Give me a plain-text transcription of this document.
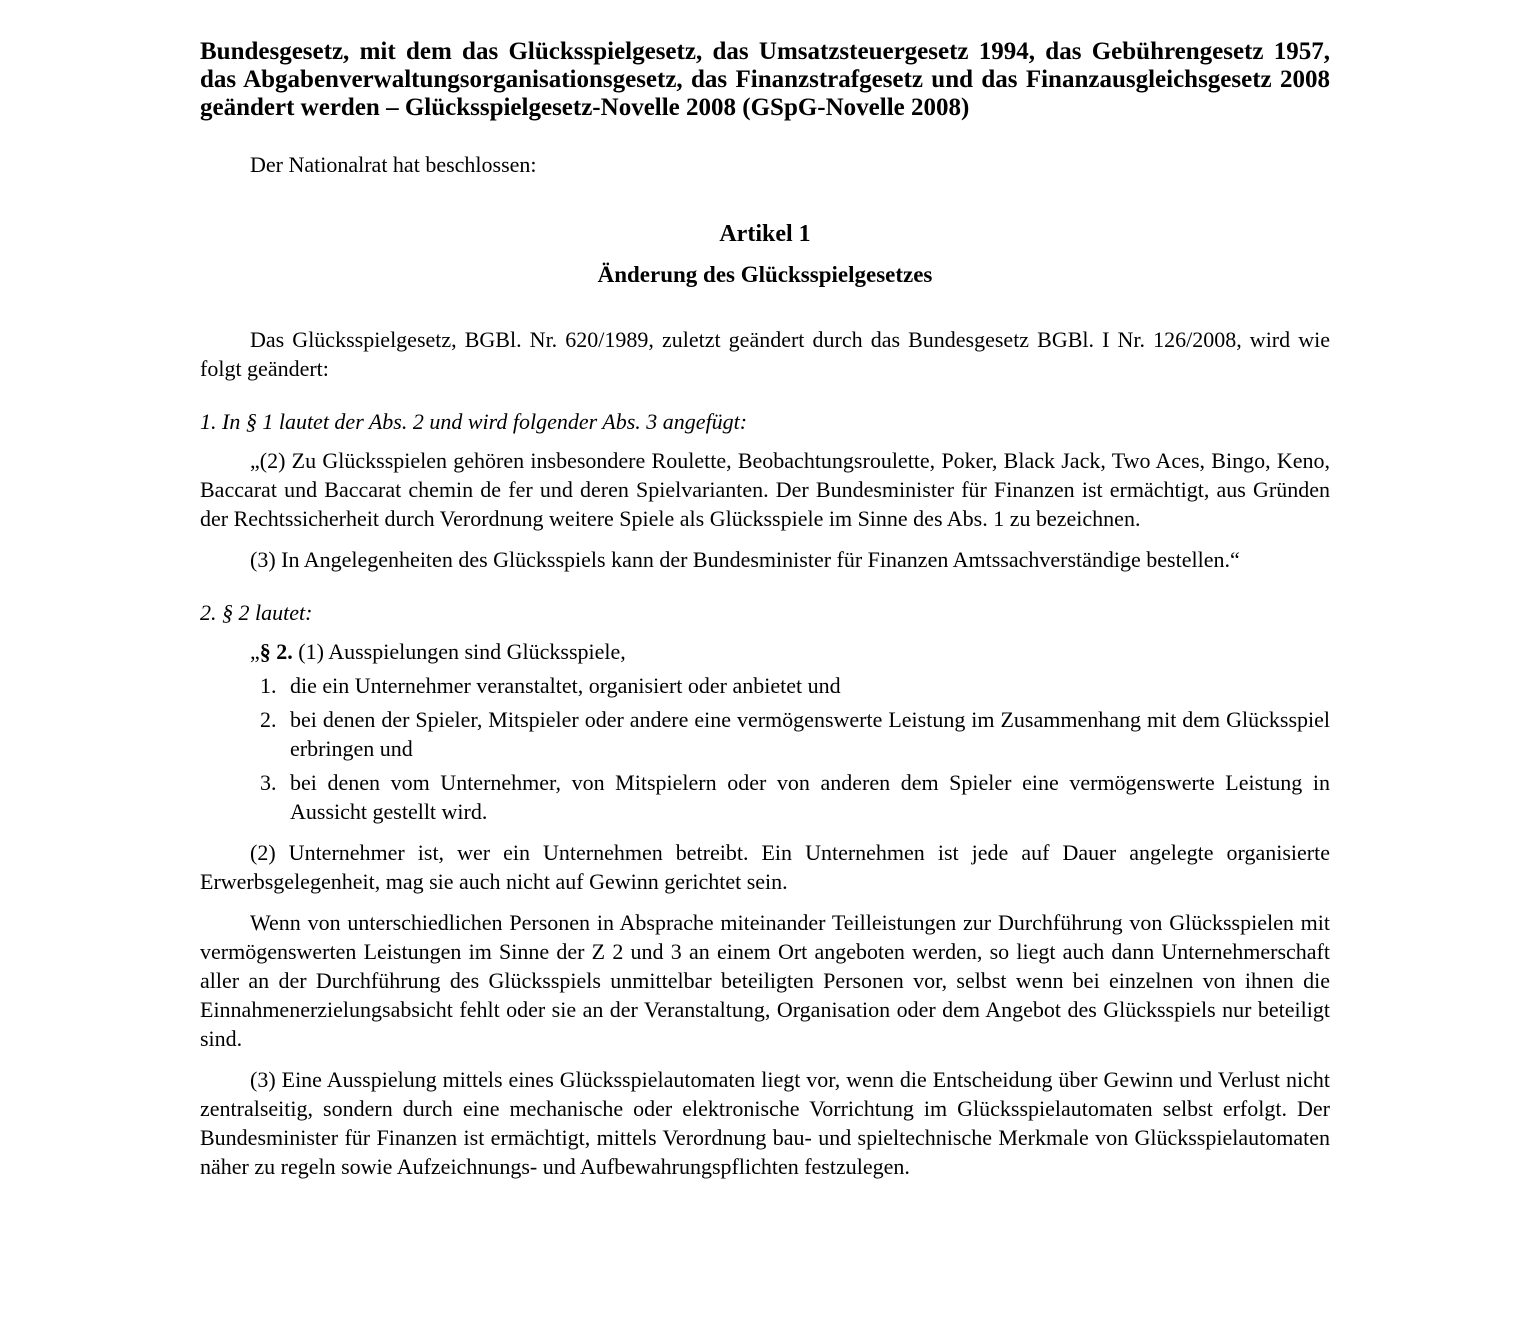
Bundesgesetz, mit dem das Glücksspielgesetz, das Umsatzsteuergesetz 1994, das Gebührengesetz 1957, das Abgabenverwaltungsorganisationsgesetz, das Finanzstrafgesetz und das Finanzausgleichsgesetz 2008 geändert werden – Glücksspielgesetz-Novelle 2008 (GSpG-Novelle 2008)

Der Nationalrat hat beschlossen:

Artikel 1
Änderung des Glücksspielgesetzes

Das Glücksspielgesetz, BGBl. Nr. 620/1989, zuletzt geändert durch das Bundesgesetz BGBl. I Nr. 126/2008, wird wie folgt geändert:

1. In § 1 lautet der Abs. 2 und wird folgender Abs. 3 angefügt:

„(2) Zu Glücksspielen gehören insbesondere Roulette, Beobachtungsroulette, Poker, Black Jack, Two Aces, Bingo, Keno, Baccarat und Baccarat chemin de fer und deren Spielvarianten. Der Bundesminister für Finanzen ist ermächtigt, aus Gründen der Rechtssicherheit durch Verordnung weitere Spiele als Glücksspiele im Sinne des Abs. 1 zu bezeichnen.

(3) In Angelegenheiten des Glücksspiels kann der Bundesminister für Finanzen Amtssachverständige bestellen.“

2. § 2 lautet:

„§ 2. (1) Ausspielungen sind Glücksspiele,

1. die ein Unternehmer veranstaltet, organisiert oder anbietet und
2. bei denen der Spieler, Mitspieler oder andere eine vermögenswerte Leistung im Zusammenhang mit dem Glücksspiel erbringen und
3. bei denen vom Unternehmer, von Mitspielern oder von anderen dem Spieler eine vermögenswerte Leistung in Aussicht gestellt wird.

(2) Unternehmer ist, wer ein Unternehmen betreibt. Ein Unternehmen ist jede auf Dauer angelegte organisierte Erwerbsgelegenheit, mag sie auch nicht auf Gewinn gerichtet sein.

Wenn von unterschiedlichen Personen in Absprache miteinander Teilleistungen zur Durchführung von Glücksspielen mit vermögenswerten Leistungen im Sinne der Z 2 und 3 an einem Ort angeboten werden, so liegt auch dann Unternehmerschaft aller an der Durchführung des Glücksspiels unmittelbar beteiligten Personen vor, selbst wenn bei einzelnen von ihnen die Einnahmenerzielungsabsicht fehlt oder sie an der Veranstaltung, Organisation oder dem Angebot des Glücksspiels nur beteiligt sind.

(3) Eine Ausspielung mittels eines Glücksspielautomaten liegt vor, wenn die Entscheidung über Gewinn und Verlust nicht zentralseitig, sondern durch eine mechanische oder elektronische Vorrichtung im Glücksspielautomaten selbst erfolgt. Der Bundesminister für Finanzen ist ermächtigt, mittels Verordnung bau- und spieltechnische Merkmale von Glücksspielautomaten näher zu regeln sowie Aufzeichnungs- und Aufbewahrungspflichten festzulegen.
